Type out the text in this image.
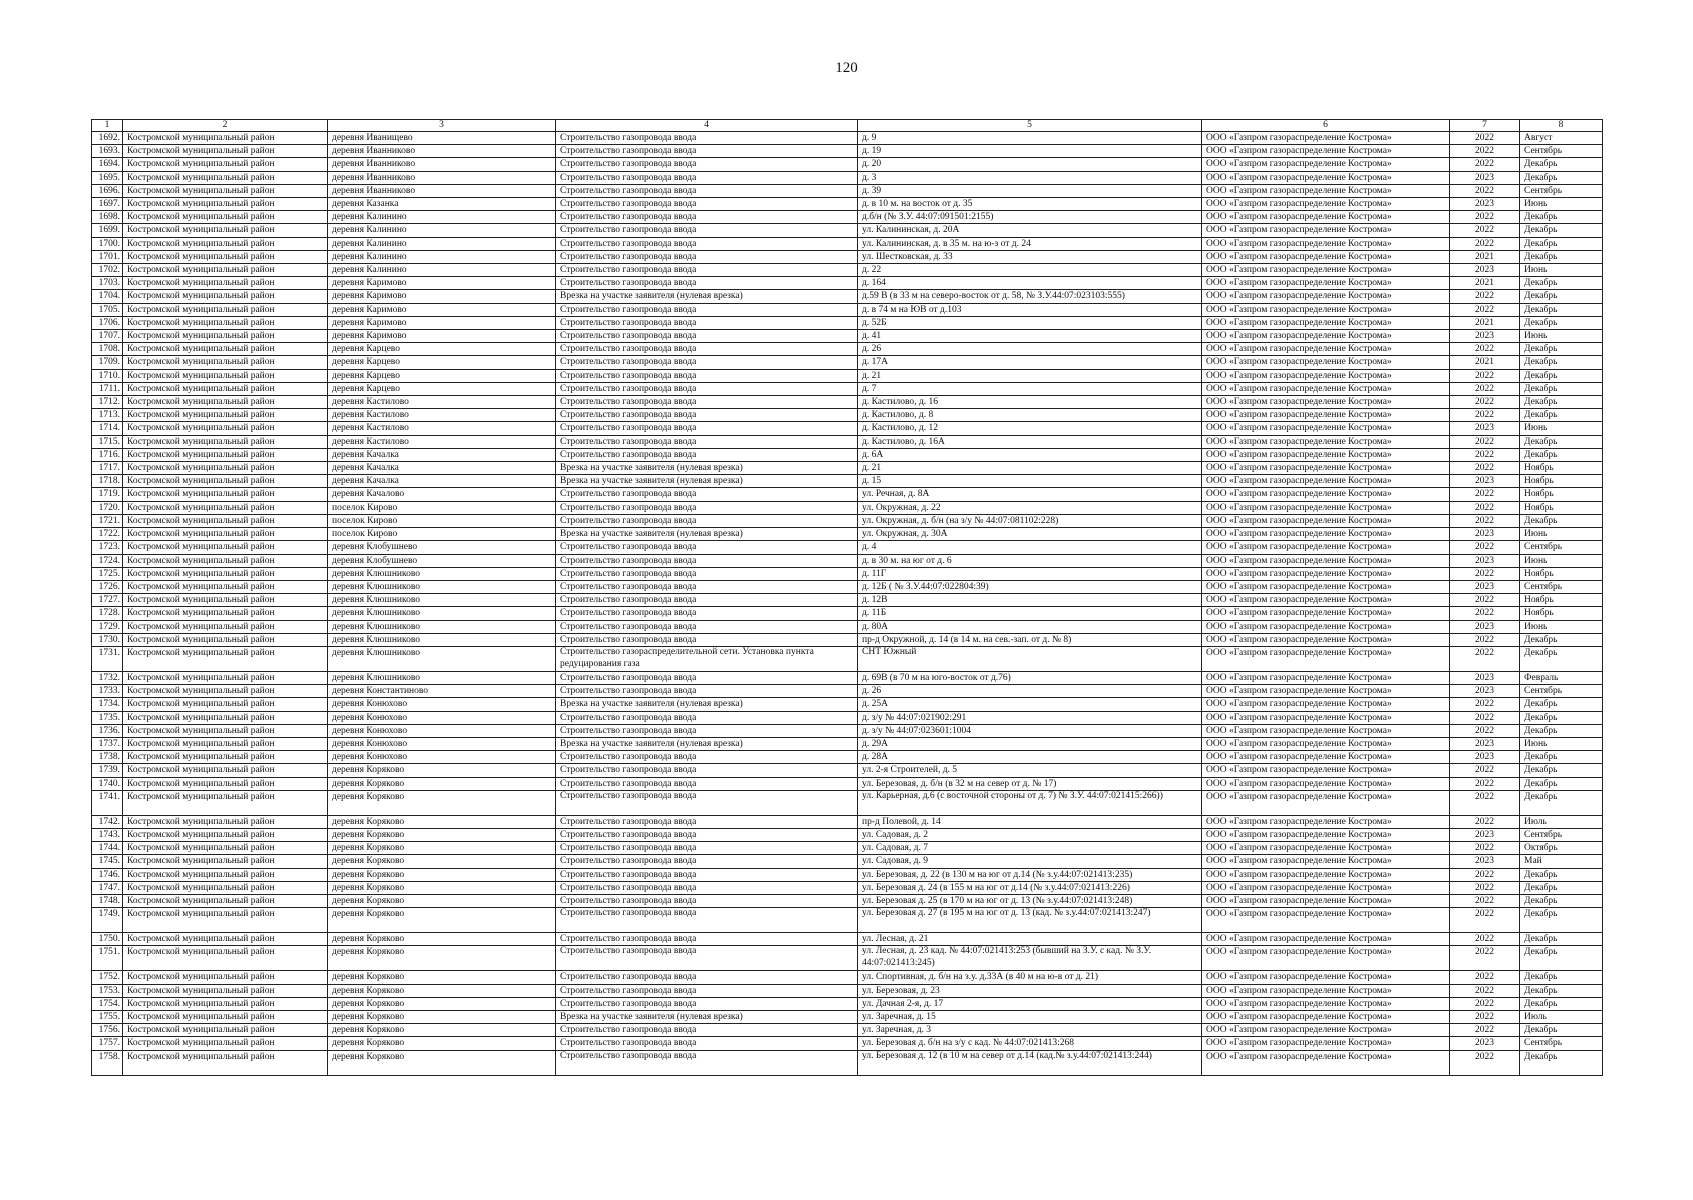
120
1	2	3	4	5	6	7	8
1692.	Костромской муниципальный район	деревня Иванищево	Строительство газопровода ввода	д. 9	ООО «Газпром газораспределение Кострома»	2022	Август
1693.	Костромской муниципальный район	деревня Иванниково	Строительство газопровода ввода	д. 19	ООО «Газпром газораспределение Кострома»	2022	Сентябрь
1694.	Костромской муниципальный район	деревня Иванниково	Строительство газопровода ввода	д. 20	ООО «Газпром газораспределение Кострома»	2022	Декабрь
1695.	Костромской муниципальный район	деревня Иванниково	Строительство газопровода ввода	д. 3	ООО «Газпром газораспределение Кострома»	2023	Декабрь
1696.	Костромской муниципальный район	деревня Иванниково	Строительство газопровода ввода	д. 39	ООО «Газпром газораспределение Кострома»	2022	Сентябрь
1697.	Костромской муниципальный район	деревня Казанка	Строительство газопровода ввода	д. в 10 м. на восток от д. 35	ООО «Газпром газораспределение Кострома»	2023	Июнь
1698.	Костромской муниципальный район	деревня Калинино	Строительство газопровода ввода	д.б/н (№ З.У. 44:07:091501:2155)	ООО «Газпром газораспределение Кострома»	2022	Декабрь
1699.	Костромской муниципальный район	деревня Калинино	Строительство газопровода ввода	ул. Калининская, д. 20А	ООО «Газпром газораспределение Кострома»	2022	Декабрь
1700.	Костромской муниципальный район	деревня Калинино	Строительство газопровода ввода	ул. Калининская, д. в 35 м. на ю-з от д. 24	ООО «Газпром газораспределение Кострома»	2022	Декабрь
1701.	Костромской муниципальный район	деревня Калинино	Строительство газопровода ввода	ул. Шестковская, д. 33	ООО «Газпром газораспределение Кострома»	2021	Декабрь
1702.	Костромской муниципальный район	деревня Калинино	Строительство газопровода ввода	д. 22	ООО «Газпром газораспределение Кострома»	2023	Июнь
1703.	Костромской муниципальный район	деревня Каримово	Строительство газопровода ввода	д. 164	ООО «Газпром газораспределение Кострома»	2021	Декабрь
1704.	Костромской муниципальный район	деревня Каримово	Врезка на участке заявителя (нулевая врезка)	д.59 В (в 33 м на северо-восток от д. 58, № З.У.44:07:023103:555)	ООО «Газпром газораспределение Кострома»	2022	Декабрь
1705.	Костромской муниципальный район	деревня Каримово	Строительство газопровода ввода	д. в 74 м на ЮВ от д.103	ООО «Газпром газораспределение Кострома»	2022	Декабрь
1706.	Костромской муниципальный район	деревня Каримово	Строительство газопровода ввода	д. 52Б	ООО «Газпром газораспределение Кострома»	2021	Декабрь
1707.	Костромской муниципальный район	деревня Каримово	Строительство газопровода ввода	д. 41	ООО «Газпром газораспределение Кострома»	2023	Июнь
1708.	Костромской муниципальный район	деревня Карцево	Строительство газопровода ввода	д. 26	ООО «Газпром газораспределение Кострома»	2022	Декабрь
1709.	Костромской муниципальный район	деревня Карцево	Строительство газопровода ввода	д. 17А	ООО «Газпром газораспределение Кострома»	2021	Декабрь
1710.	Костромской муниципальный район	деревня Карцево	Строительство газопровода ввода	д. 21	ООО «Газпром газораспределение Кострома»	2022	Декабрь
1711.	Костромской муниципальный район	деревня Карцево	Строительство газопровода ввода	д. 7	ООО «Газпром газораспределение Кострома»	2022	Декабрь
1712.	Костромской муниципальный район	деревня Кастилово	Строительство газопровода ввода	д. Кастилово, д. 16	ООО «Газпром газораспределение Кострома»	2022	Декабрь
1713.	Костромской муниципальный район	деревня Кастилово	Строительство газопровода ввода	д. Кастилово, д. 8	ООО «Газпром газораспределение Кострома»	2022	Декабрь
1714.	Костромской муниципальный район	деревня Кастилово	Строительство газопровода ввода	д. Кастилово, д. 12	ООО «Газпром газораспределение Кострома»	2023	Июнь
1715.	Костромской муниципальный район	деревня Кастилово	Строительство газопровода ввода	д. Кастилово, д. 16А	ООО «Газпром газораспределение Кострома»	2022	Декабрь
1716.	Костромской муниципальный район	деревня Качалка	Строительство газопровода ввода	д. 6А	ООО «Газпром газораспределение Кострома»	2022	Декабрь
1717.	Костромской муниципальный район	деревня Качалка	Врезка на участке заявителя (нулевая врезка)	д. 21	ООО «Газпром газораспределение Кострома»	2022	Ноябрь
1718.	Костромской муниципальный район	деревня Качалка	Врезка на участке заявителя (нулевая врезка)	д. 15	ООО «Газпром газораспределение Кострома»	2023	Ноябрь
1719.	Костромской муниципальный район	деревня Качалово	Строительство газопровода ввода	ул. Речная, д. 8А	ООО «Газпром газораспределение Кострома»	2022	Ноябрь
1720.	Костромской муниципальный район	поселок Кирово	Строительство газопровода ввода	ул. Окружная, д. 22	ООО «Газпром газораспределение Кострома»	2022	Ноябрь
1721.	Костромской муниципальный район	поселок Кирово	Строительство газопровода ввода	ул. Окружная, д. б/н (на з/у № 44:07:081102:228)	ООО «Газпром газораспределение Кострома»	2022	Декабрь
1722.	Костромской муниципальный район	поселок Кирово	Врезка на участке заявителя (нулевая врезка)	ул. Окружная, д. 30А	ООО «Газпром газораспределение Кострома»	2023	Июнь
1723.	Костромской муниципальный район	деревня Клобушнево	Строительство газопровода ввода	д. 4	ООО «Газпром газораспределение Кострома»	2022	Сентябрь
1724.	Костромской муниципальный район	деревня Клобушнево	Строительство газопровода ввода	д. в 30 м. на юг от д. 6	ООО «Газпром газораспределение Кострома»	2023	Июнь
1725.	Костромской муниципальный район	деревня Клюшниково	Строительство газопровода ввода	д. 11Г	ООО «Газпром газораспределение Кострома»	2022	Ноябрь
1726.	Костромской муниципальный район	деревня Клюшниково	Строительство газопровода ввода	д. 12Б ( № З.У.44:07:022804:39)	ООО «Газпром газораспределение Кострома»	2023	Сентябрь
1727.	Костромской муниципальный район	деревня Клюшниково	Строительство газопровода ввода	д. 12В	ООО «Газпром газораспределение Кострома»	2022	Ноябрь
1728.	Костромской муниципальный район	деревня Клюшниково	Строительство газопровода ввода	д. 11Б	ООО «Газпром газораспределение Кострома»	2022	Ноябрь
1729.	Костромской муниципальный район	деревня Клюшниково	Строительство газопровода ввода	д. 80А	ООО «Газпром газораспределение Кострома»	2023	Июнь
1730.	Костромской муниципальный район	деревня Клюшниково	Строительство газопровода ввода	пр-д Окружной, д. 14 (в 14 м. на сев.-зап. от д. № 8)	ООО «Газпром газораспределение Кострома»	2022	Декабрь
1731.	Костромской муниципальный район	деревня Клюшниково	Строительство газораспределительной сети. Установка пункта редуцирования газа	СНТ Южный	ООО «Газпром газораспределение Кострома»	2022	Декабрь
1732.	Костромской муниципальный район	деревня Клюшниково	Строительство газопровода ввода	д. 69В (в 70 м на юго-восток от д.76)	ООО «Газпром газораспределение Кострома»	2023	Февраль
1733.	Костромской муниципальный район	деревня Константиново	Строительство газопровода ввода	д. 26	ООО «Газпром газораспределение Кострома»	2023	Сентябрь
1734.	Костромской муниципальный район	деревня Конюхово	Врезка на участке заявителя (нулевая врезка)	д. 25А	ООО «Газпром газораспределение Кострома»	2022	Декабрь
1735.	Костромской муниципальный район	деревня Конюхово	Строительство газопровода ввода	д. з/у № 44:07:021902:291	ООО «Газпром газораспределение Кострома»	2022	Декабрь
1736.	Костромской муниципальный район	деревня Конюхово	Строительство газопровода ввода	д. з/у № 44:07:023601:1004	ООО «Газпром газораспределение Кострома»	2022	Декабрь
1737.	Костромской муниципальный район	деревня Конюхово	Врезка на участке заявителя (нулевая врезка)	д. 29А	ООО «Газпром газораспределение Кострома»	2023	Июнь
1738.	Костромской муниципальный район	деревня Конюхово	Строительство газопровода ввода	д. 28А	ООО «Газпром газораспределение Кострома»	2023	Декабрь
1739.	Костромской муниципальный район	деревня Коряково	Строительство газопровода ввода	ул. 2-я Строителей, д. 5	ООО «Газпром газораспределение Кострома»	2022	Декабрь
1740.	Костромской муниципальный район	деревня Коряково	Строительство газопровода ввода	ул. Березовая, д. б/н (в 32 м на север от д. № 17)	ООО «Газпром газораспределение Кострома»	2022	Декабрь
1741.	Костромской муниципальный район	деревня Коряково	Строительство газопровода ввода	ул. Карьерная, д.6 (с восточной стороны от д. 7) № З.У. 44:07:021415:266))	ООО «Газпром газораспределение Кострома»	2022	Декабрь
1742.	Костромской муниципальный район	деревня Коряково	Строительство газопровода ввода	пр-д Полевой, д. 14	ООО «Газпром газораспределение Кострома»	2022	Июль
1743.	Костромской муниципальный район	деревня Коряково	Строительство газопровода ввода	ул. Садовая, д. 2	ООО «Газпром газораспределение Кострома»	2023	Сентябрь
1744.	Костромской муниципальный район	деревня Коряково	Строительство газопровода ввода	ул. Садовая, д. 7	ООО «Газпром газораспределение Кострома»	2022	Октябрь
1745.	Костромской муниципальный район	деревня Коряково	Строительство газопровода ввода	ул. Садовая, д. 9	ООО «Газпром газораспределение Кострома»	2023	Май
1746.	Костромской муниципальный район	деревня Коряково	Строительство газопровода ввода	ул. Березовая, д. 22 (в 130 м на юг от д.14 (№ з.у.44:07:021413:235)	ООО «Газпром газораспределение Кострома»	2022	Декабрь
1747.	Костромской муниципальный район	деревня Коряково	Строительство газопровода ввода	ул. Березовая д. 24 (в 155 м на юг от д.14 (№ з.у.44:07:021413:226)	ООО «Газпром газораспределение Кострома»	2022	Декабрь
1748.	Костромской муниципальный район	деревня Коряково	Строительство газопровода ввода	ул. Березовая д. 25 (в 170 м на юг от д. 13 (№ з.у.44:07:021413:248)	ООО «Газпром газораспределение Кострома»	2022	Декабрь
1749.	Костромской муниципальный район	деревня Коряково	Строительство газопровода ввода	ул. Березовая д. 27 (в 195 м на юг от д. 13 (кад. № з.у.44:07:021413:247)	ООО «Газпром газораспределение Кострома»	2022	Декабрь
1750.	Костромской муниципальный район	деревня Коряково	Строительство газопровода ввода	ул. Лесная, д. 21	ООО «Газпром газораспределение Кострома»	2022	Декабрь
1751.	Костромской муниципальный район	деревня Коряково	Строительство газопровода ввода	ул. Лесная, д. 23 кад. № 44:07:021413:253 (бывший на З.У. с кад. № З.У. 44:07:021413:245)	ООО «Газпром газораспределение Кострома»	2022	Декабрь
1752.	Костромской муниципальный район	деревня Коряково	Строительство газопровода ввода	ул. Спортивная, д. б/н на з.у. д.33А (в 40 м на ю-в от д. 21)	ООО «Газпром газораспределение Кострома»	2022	Декабрь
1753.	Костромской муниципальный район	деревня Коряково	Строительство газопровода ввода	ул. Березовая, д. 23	ООО «Газпром газораспределение Кострома»	2022	Декабрь
1754.	Костромской муниципальный район	деревня Коряково	Строительство газопровода ввода	ул. Дачная 2-я, д. 17	ООО «Газпром газораспределение Кострома»	2022	Декабрь
1755.	Костромской муниципальный район	деревня Коряково	Врезка на участке заявителя (нулевая врезка)	ул. Заречная, д. 15	ООО «Газпром газораспределение Кострома»	2022	Июль
1756.	Костромской муниципальный район	деревня Коряково	Строительство газопровода ввода	ул. Заречная, д. 3	ООО «Газпром газораспределение Кострома»	2022	Декабрь
1757.	Костромской муниципальный район	деревня Коряково	Строительство газопровода ввода	ул. Березовая д. б/н на з/у с кад. № 44:07:021413:268	ООО «Газпром газораспределение Кострома»	2023	Сентябрь
1758.	Костромской муниципальный район	деревня Коряково	Строительство газопровода ввода	ул. Березовая д. 12 (в 10 м на север от д.14 (кад.№ з.у.44:07:021413:244)	ООО «Газпром газораспределение Кострома»	2022	Декабрь
